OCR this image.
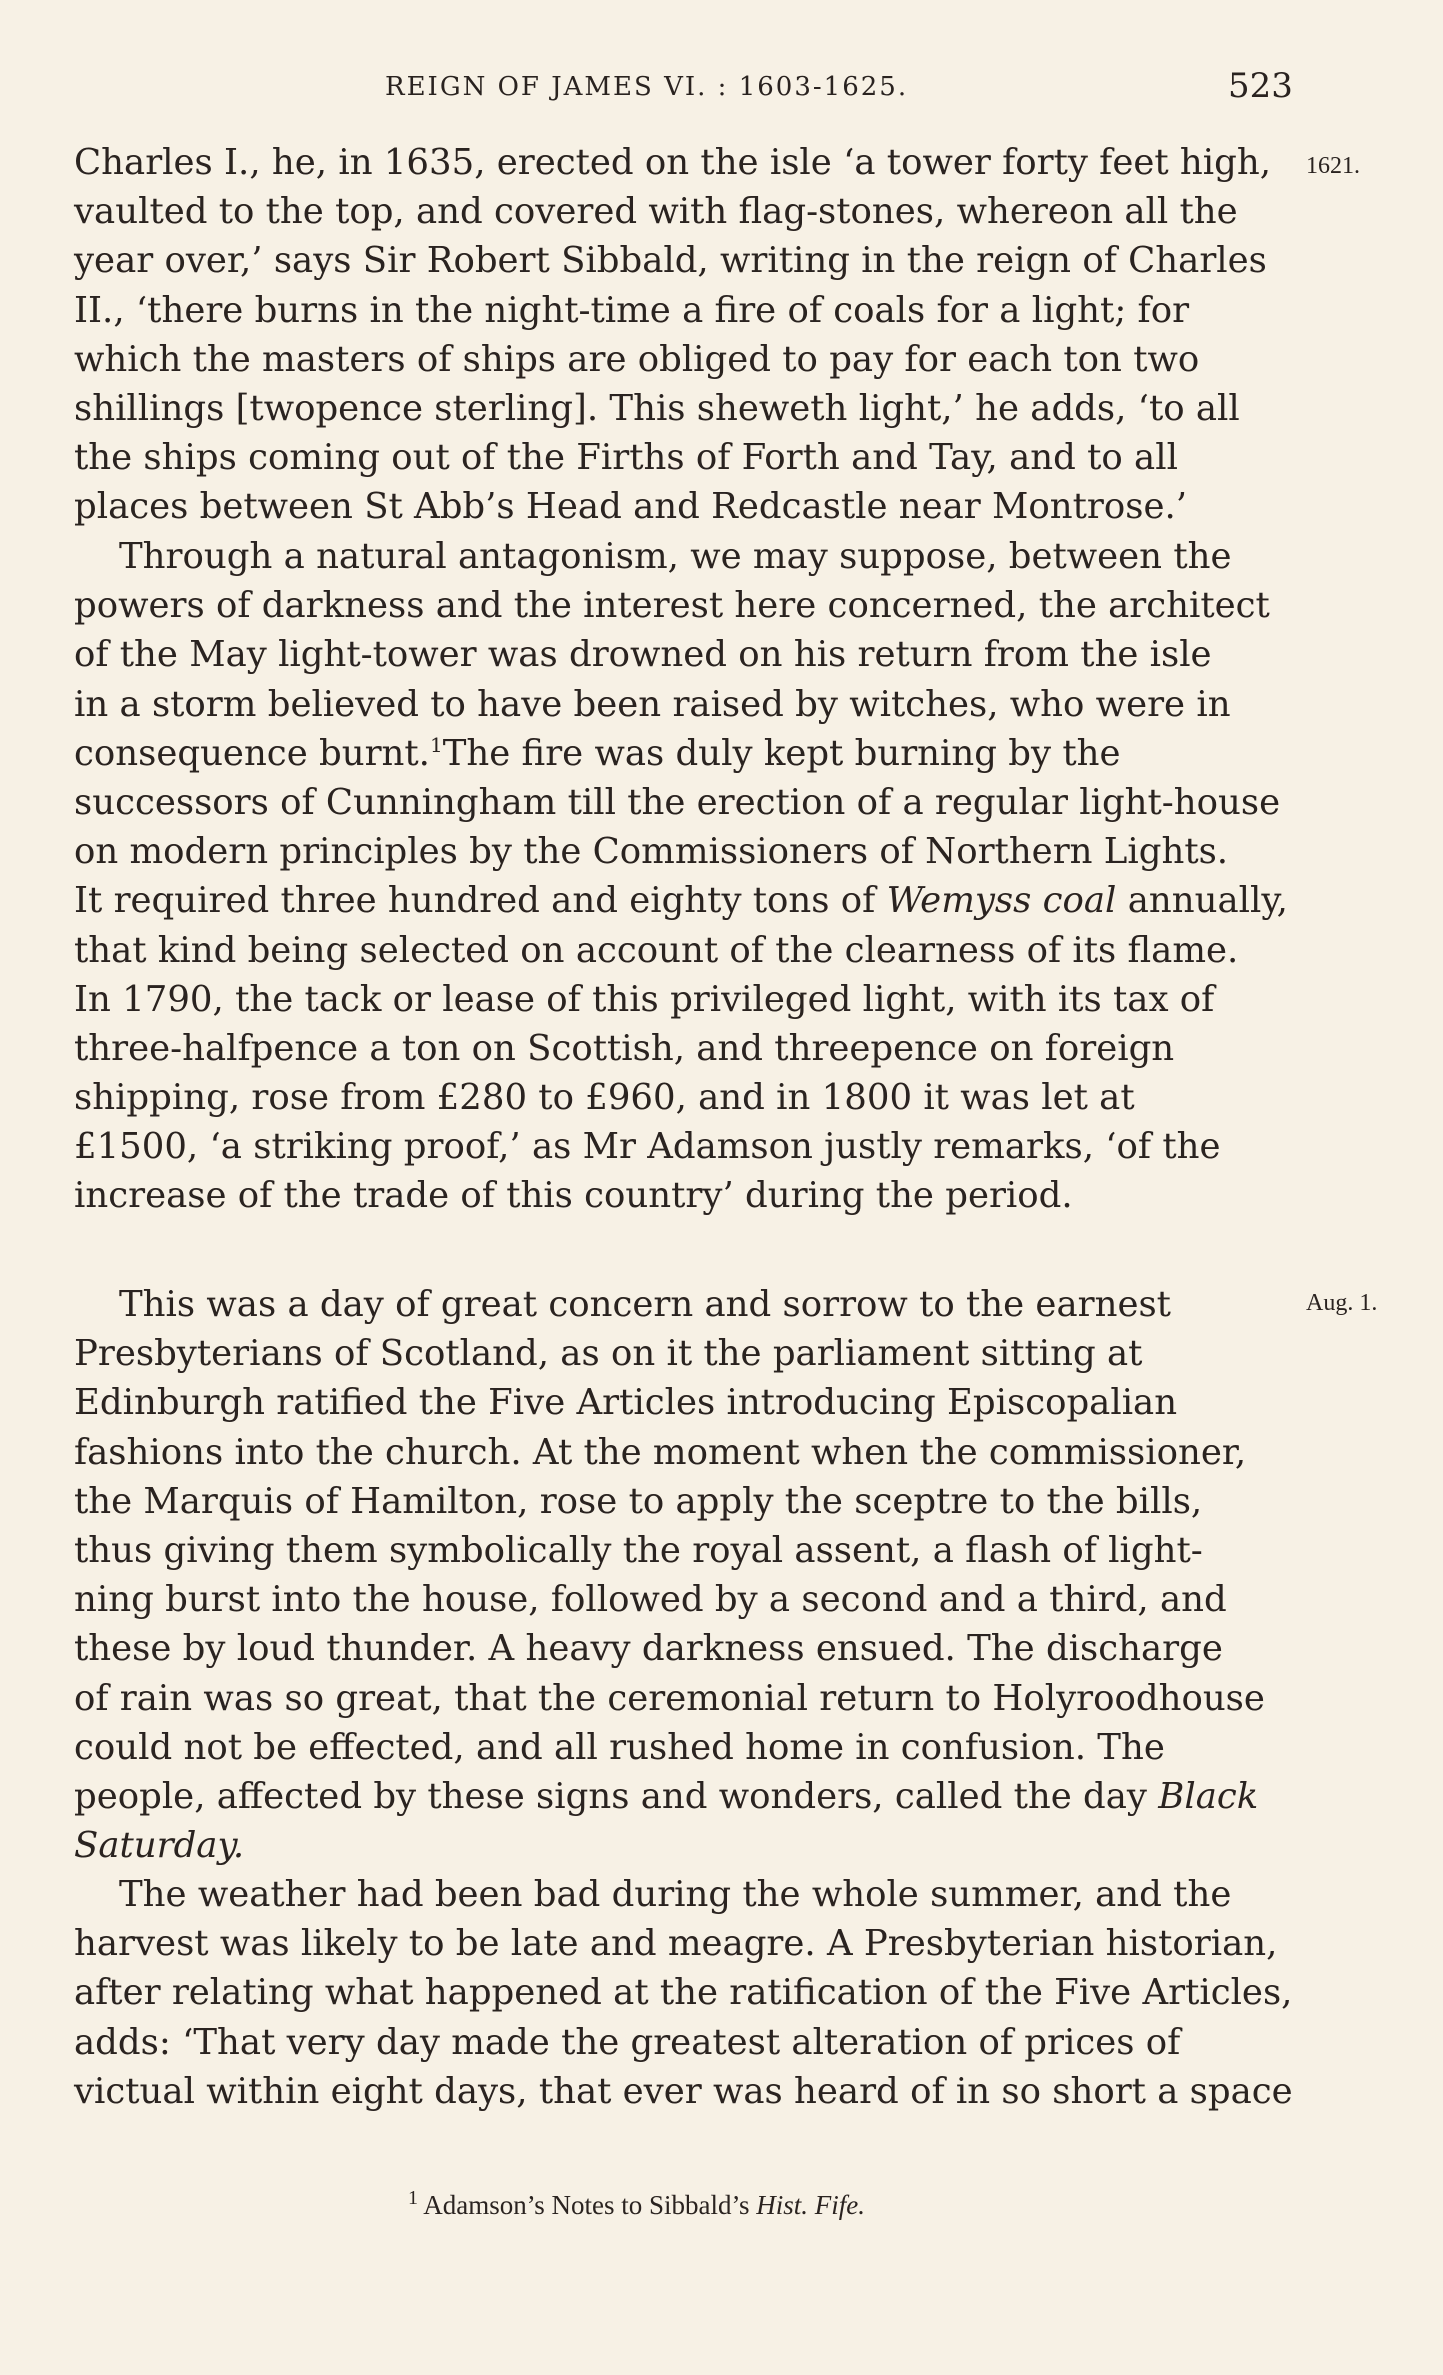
REIGN OF JAMES VI. : 1603-1625.	523
1621.
Aug. 1.
Charles I., he, in 1635, erected on the isle ‘a tower forty feet high,
vaulted to the top, and covered with flag-stones, whereon all the
year over,’ says Sir Robert Sibbald, writing in the reign of Charles
II., ‘there burns in the night-time a fire of coals for a light; for
which the masters of ships are obliged to pay for each ton two
shillings [twopence sterling]. This sheweth light,’ he adds, ‘to all
the ships coming out of the Firths of Forth and Tay, and to all
places between St Abb’s Head and Redcastle near Montrose.’
Through a natural antagonism, we may suppose, between the
powers of darkness and the interest here concerned, the architect
of the May light-tower was drowned on his return from the isle
in a storm believed to have been raised by witches, who were in
consequence burnt.$^1$The fire was duly kept burning by the
successors of Cunningham till the erection of a regular light-house
on modern principles by the Commissioners of Northern Lights.
It required three hundred and eighty tons of Wemyss coal annually,
that kind being selected on account of the clearness of its flame.
In 1790, the tack or lease of this privileged light, with its tax of
three-halfpence a ton on Scottish, and threepence on foreign
shipping, rose from £280 to £960, and in 1800 it was let at
£1500, ‘a striking proof,’ as Mr Adamson justly remarks, ‘of the
increase of the trade of this country’ during the period.
This was a day of great concern and sorrow to the earnest
Presbyterians of Scotland, as on it the parliament sitting at
Edinburgh ratified the Five Articles introducing Episcopalian
fashions into the church. At the moment when the commissioner,
the Marquis of Hamilton, rose to apply the sceptre to the bills,
thus giving them symbolically the royal assent, a flash of light-
ning burst into the house, followed by a second and a third, and
these by loud thunder. A heavy darkness ensued. The discharge
of rain was so great, that the ceremonial return to Holyroodhouse
could not be effected, and all rushed home in confusion. The
people, affected by these signs and wonders, called the day Black
Saturday.
The weather had been bad during the whole summer, and the
harvest was likely to be late and meagre. A Presbyterian historian,
after relating what happened at the ratification of the Five Articles,
adds: ‘That very day made the greatest alteration of prices of
victual within eight days, that ever was heard of in so short a space
$^1$ Adamson’s Notes to Sibbald’s Hist. Fife.
